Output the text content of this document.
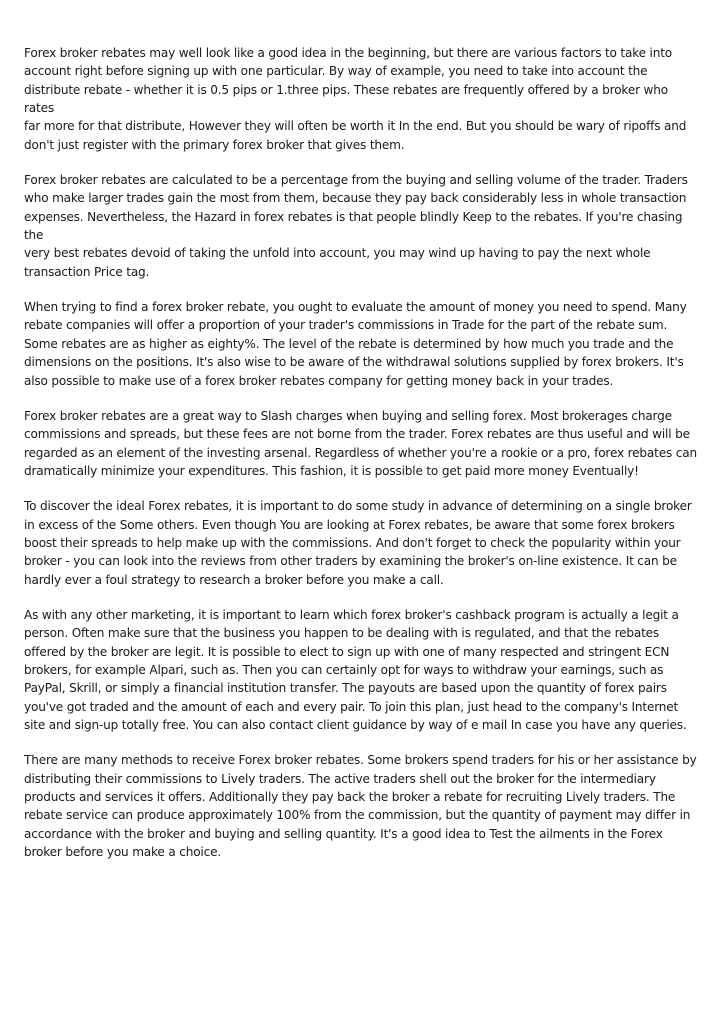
Forex broker rebates may well look like a good idea in the beginning, but there are various factors to take into
account right before signing up with one particular. By way of example, you need to take into account the
distribute rebate - whether it is 0.5 pips or 1.three pips. These rebates are frequently offered by a broker who rates
far more for that distribute, However they will often be worth it In the end. But you should be wary of ripoffs and
don't just register with the primary forex broker that gives them.

Forex broker rebates are calculated to be a percentage from the buying and selling volume of the trader. Traders
who make larger trades gain the most from them, because they pay back considerably less in whole transaction
expenses. Nevertheless, the Hazard in forex rebates is that people blindly Keep to the rebates. If you're chasing the
very best rebates devoid of taking the unfold into account, you may wind up having to pay the next whole
transaction Price tag.

When trying to find a forex broker rebate, you ought to evaluate the amount of money you need to spend. Many
rebate companies will offer a proportion of your trader's commissions in Trade for the part of the rebate sum.
Some rebates are as higher as eighty%. The level of the rebate is determined by how much you trade and the
dimensions on the positions. It's also wise to be aware of the withdrawal solutions supplied by forex brokers. It's
also possible to make use of a forex broker rebates company for getting money back in your trades.

Forex broker rebates are a great way to Slash charges when buying and selling forex. Most brokerages charge
commissions and spreads, but these fees are not borne from the trader. Forex rebates are thus useful and will be
regarded as an element of the investing arsenal. Regardless of whether you're a rookie or a pro, forex rebates can
dramatically minimize your expenditures. This fashion, it is possible to get paid more money Eventually!

To discover the ideal Forex rebates, it is important to do some study in advance of determining on a single broker
in excess of the Some others. Even though You are looking at Forex rebates, be aware that some forex brokers
boost their spreads to help make up with the commissions. And don't forget to check the popularity within your
broker - you can look into the reviews from other traders by examining the broker's on-line existence. It can be
hardly ever a foul strategy to research a broker before you make a call.

As with any other marketing, it is important to learn which forex broker's cashback program is actually a legit a
person. Often make sure that the business you happen to be dealing with is regulated, and that the rebates
offered by the broker are legit. It is possible to elect to sign up with one of many respected and stringent ECN
brokers, for example Alpari, such as. Then you can certainly opt for ways to withdraw your earnings, such as
PayPal, Skrill, or simply a financial institution transfer. The payouts are based upon the quantity of forex pairs
you've got traded and the amount of each and every pair. To join this plan, just head to the company's Internet
site and sign-up totally free. You can also contact client guidance by way of e mail In case you have any queries.

There are many methods to receive Forex broker rebates. Some brokers spend traders for his or her assistance by
distributing their commissions to Lively traders. The active traders shell out the broker for the intermediary
products and services it offers. Additionally they pay back the broker a rebate for recruiting Lively traders. The
rebate service can produce approximately 100% from the commission, but the quantity of payment may differ in
accordance with the broker and buying and selling quantity. It's a good idea to Test the ailments in the Forex
broker before you make a choice.
